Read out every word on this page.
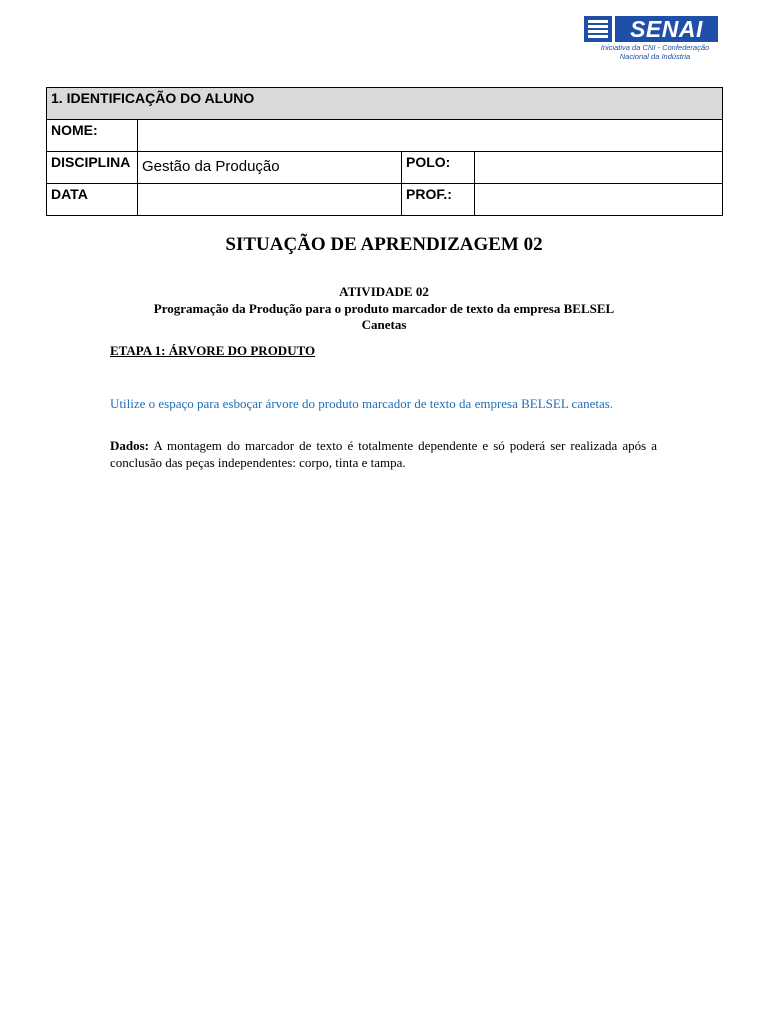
SENAI
Iniciativa da CNI - Confederação
Nacional da Indústria
1. IDENTIFICAÇÃO DO ALUNO			
NOME:			
DISCIPLINA	Gestão da Produção	POLO:	
DATA		PROF.:	
SITUAÇÃO DE APRENDIZAGEM 02
ATIVIDADE 02
Programação da Produção para o produto marcador de texto da empresa BELSEL
Canetas
ETAPA 1: ÁRVORE DO PRODUTO
Utilize o espaço para esboçar árvore do produto marcador de texto da empresa BELSEL canetas.
Dados: A montagem do marcador de texto é totalmente dependente e só poderá ser realizada após a conclusão das peças independentes: corpo, tinta e tampa.
